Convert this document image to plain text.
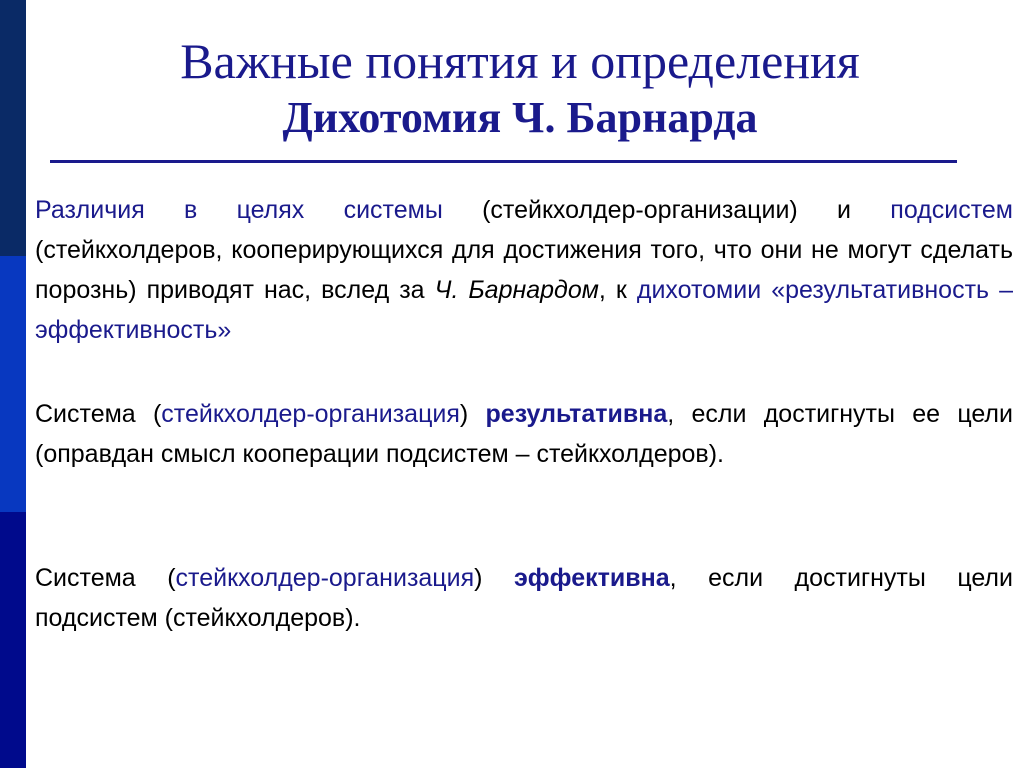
Важные понятия и определения
Дихотомия Ч. Барнарда

Различия в целях системы (стейкхолдер-организации) и подсистем (стейкхолдеров, кооперирующихся для достижения того, что они не могут сделать порознь) приводят нас, вслед за Ч. Барнардом, к дихотомии «результативность – эффективность»

Система (стейкхолдер-организация) результативна, если достигнуты ее цели (оправдан смысл кооперации подсистем – стейкхолдеров).

Система (стейкхолдер-организация) эффективна, если достигнуты цели подсистем (стейкхолдеров).
